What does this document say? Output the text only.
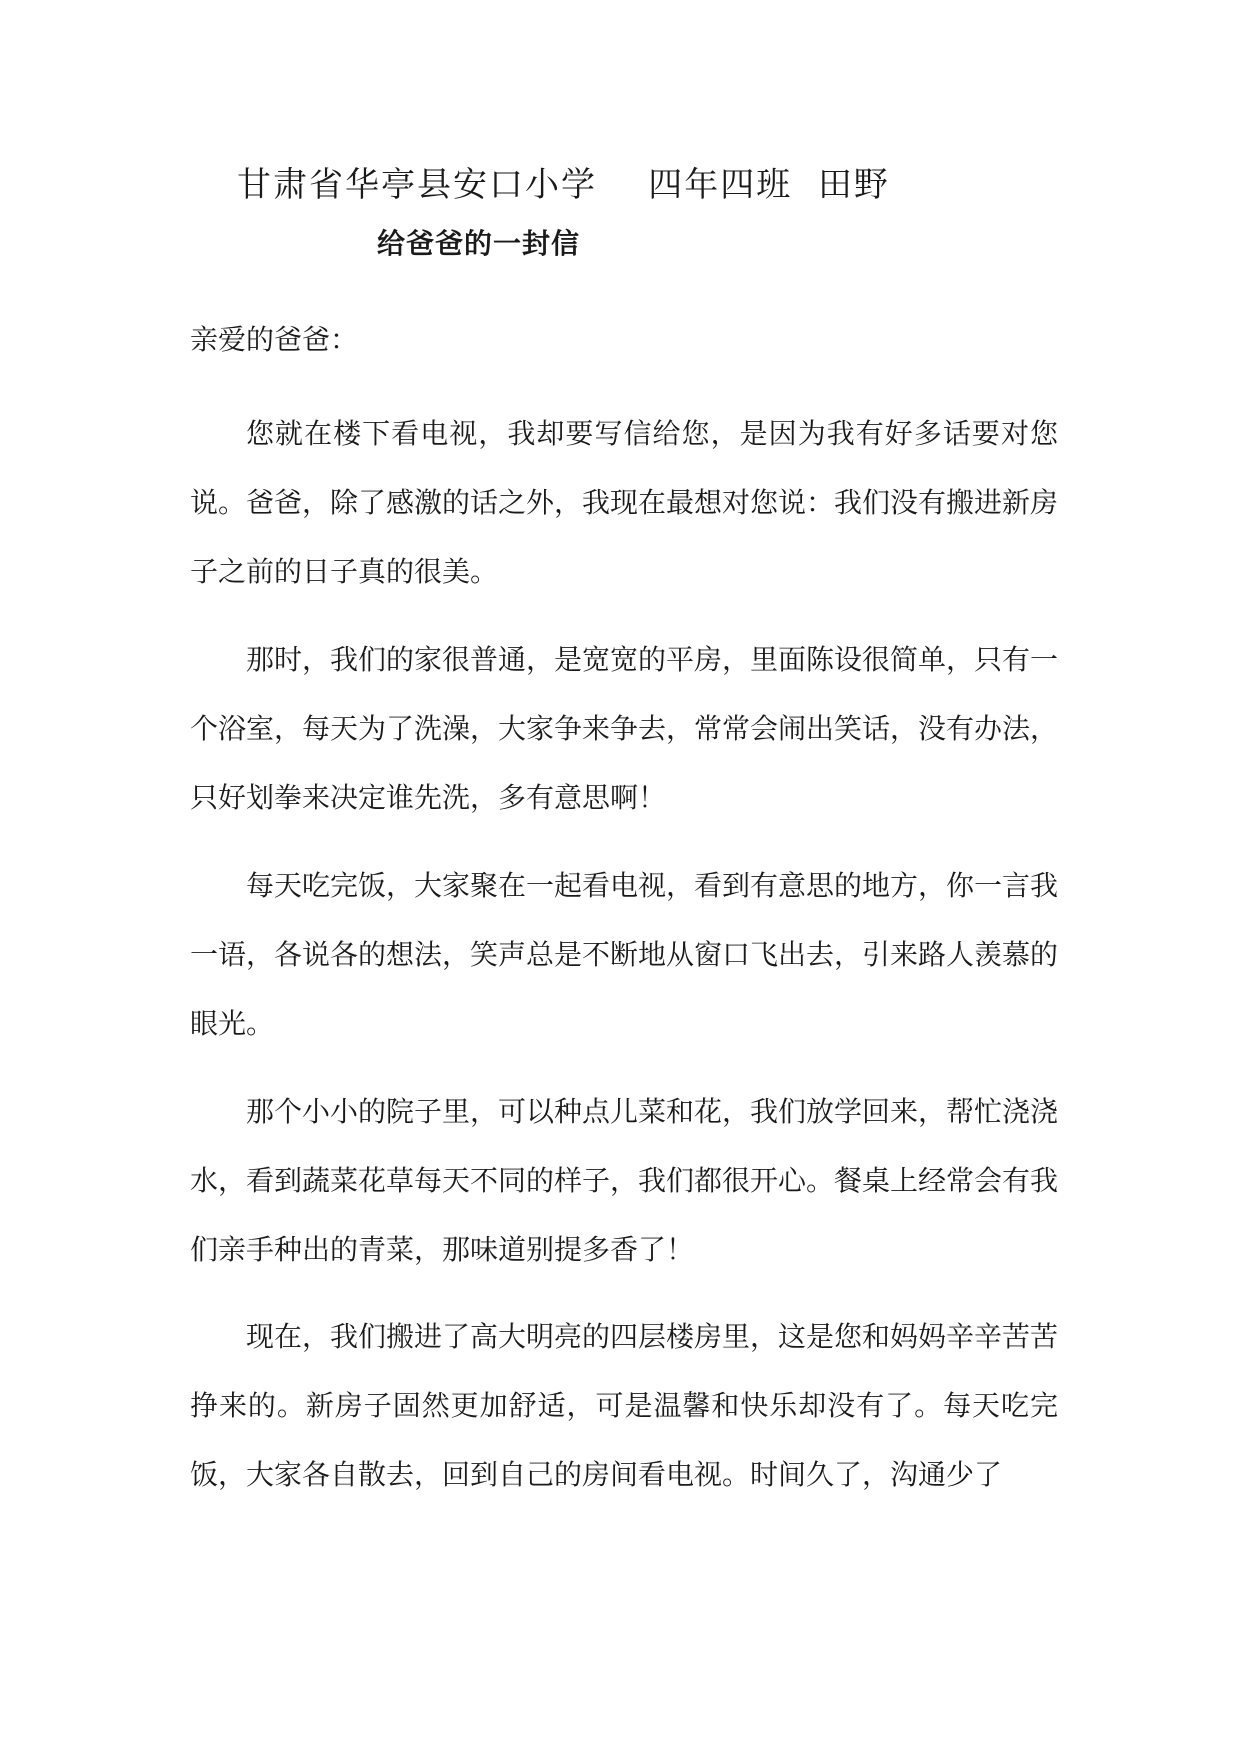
甘肃省华亭县安口小学    四年四班  田野
给爸爸的一封信

亲爱的爸爸：

您就在楼下看电视，我却要写信给您，是因为我有好多话要对您说。爸爸，除了感激的话之外，我现在最想对您说：我们没有搬进新房子之前的日子真的很美。

那时，我们的家很普通，是宽宽的平房，里面陈设很简单，只有一个浴室，每天为了洗澡，大家争来争去，常常会闹出笑话，没有办法，只好划拳来决定谁先洗，多有意思啊！

每天吃完饭，大家聚在一起看电视，看到有意思的地方，你一言我一语，各说各的想法，笑声总是不断地从窗口飞出去，引来路人羡慕的眼光。

那个小小的院子里，可以种点儿菜和花，我们放学回来，帮忙浇浇水，看到蔬菜花草每天不同的样子，我们都很开心。餐桌上经常会有我们亲手种出的青菜，那味道别提多香了！

现在，我们搬进了高大明亮的四层楼房里，这是您和妈妈辛辛苦苦挣来的。新房子固然更加舒适，可是温馨和快乐却没有了。每天吃完饭，大家各自散去，回到自己的房间看电视。时间久了，沟通少了
